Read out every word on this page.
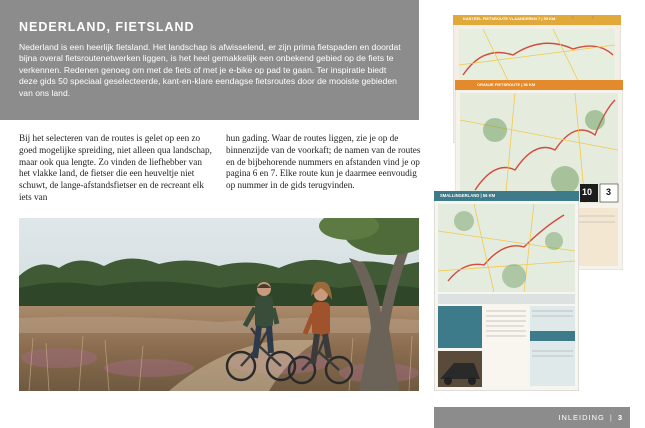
NEDERLAND, FIETSLAND

Nederland is een heerlijk fietsland. Het landschap is afwisselend, er zijn prima fietspaden en doordat bijna overal fietsroutenetwerken liggen, is het heel gemakkelijk een onbekend gebied op de fiets te verkennen. Redenen genoeg om met de fiets of met je e-bike op pad te gaan. Ter inspiratie biedt deze gids 50 speciaal geselecteerde, kant-en-klare eendagse fietsroutes door de mooiste gebieden van ons land.

Bij het selecteren van de routes is gelet op een zo goed mogelijke spreiding, niet alleen qua landschap, maar ook qua lengte. Zo vinden de liefhebber van het vlakke land, de fietser die een heuveltje niet schuwt, de lange-afstandsfietser en de recreant elk iets van

hun gading. Waar de routes liggen, zie je op de binnenzijde van de voorkaft; de namen van de routes en de bijbehorende nummers en afstanden vind je op pagina 6 en 7. Elke route kun je daarmee eenvoudig op nummer in de gids terugvinden.

KASTEEL FIETSROUTE VLAANDEREN 7 | 55 KM
ORANJE FIETSROUTE | 56 KM
10 3
SMALLINGERLAND | 56 KM
INLEIDING | 3
